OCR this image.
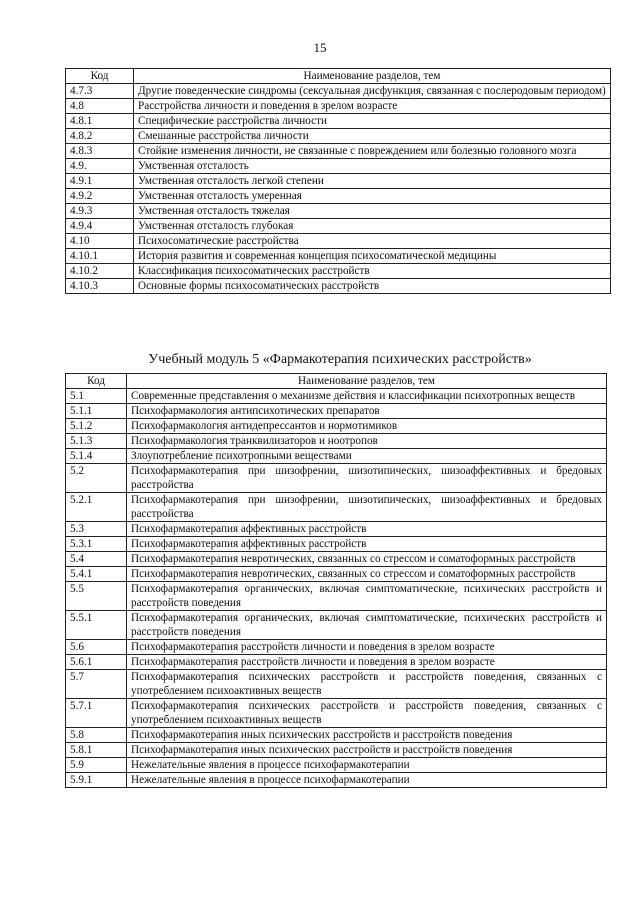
15
Код	Наименование разделов, тем
4.7.3	Другие поведенческие синдромы (сексуальная дисфункция, связанная с послеродовым периодом)
4.8	Расстройства личности и поведения в зрелом возрасте
4.8.1	Специфические расстройства личности
4.8.2	Смешанные расстройства личности
4.8.3	Стойкие изменения личности, не связанные с повреждением или болезнью головного мозга
4.9.	Умственная отсталость
4.9.1	Умственная отсталость легкой степени
4.9.2	Умственная отсталость умеренная
4.9.3	Умственная отсталость тяжелая
4.9.4	Умственная отсталость глубокая
4.10	Психосоматические расстройства
4.10.1	История развития и современная концепция психосоматической медицины
4.10.2	Классификация психосоматических расстройств
4.10.3	Основные формы психосоматических расстройств
Учебный модуль 5 «Фармакотерапия психических расстройств»
Код	Наименование разделов, тем
5.1	Современные представления о механизме действия и классификации психотропных веществ
5.1.1	Психофармакология антипсихотических препаратов
5.1.2	Психофармакология антидепрессантов и нормотимиков
5.1.3	Психофармакология транквилизаторов и ноотропов
5.1.4	Злоупотребление психотропными веществами
5.2	Психофармакотерапия при шизофрении, шизотипических, шизоаффективных и бредовых расстройства
5.2.1	Психофармакотерапия при шизофрении, шизотипических, шизоаффективных и бредовых расстройства
5.3	Психофармакотерапия аффективных расстройств
5.3.1	Психофармакотерапия аффективных расстройств
5.4	Психофармакотерапия невротических, связанных со стрессом и соматоформных расстройств
5.4.1	Психофармакотерапия невротических, связанных со стрессом и соматоформных расстройств
5.5	Психофармакотерапия органических, включая симптоматические, психических расстройств и расстройств поведения
5.5.1	Психофармакотерапия органических, включая симптоматические, психических расстройств и расстройств поведения
5.6	Психофармакотерапия расстройств личности и поведения в зрелом возрасте
5.6.1	Психофармакотерапия расстройств личности и поведения в зрелом возрасте
5.7	Психофармакотерапия психических расстройств и расстройств поведения, связанных с употреблением психоактивных веществ
5.7.1	Психофармакотерапия психических расстройств и расстройств поведения, связанных с употреблением психоактивных веществ
5.8	Психофармакотерапия иных психических расстройств и расстройств поведения
5.8.1	Психофармакотерапия иных психических расстройств и расстройств поведения
5.9	Нежелательные явления в процессе психофармакотерапии
5.9.1	Нежелательные явления в процессе психофармакотерапии
